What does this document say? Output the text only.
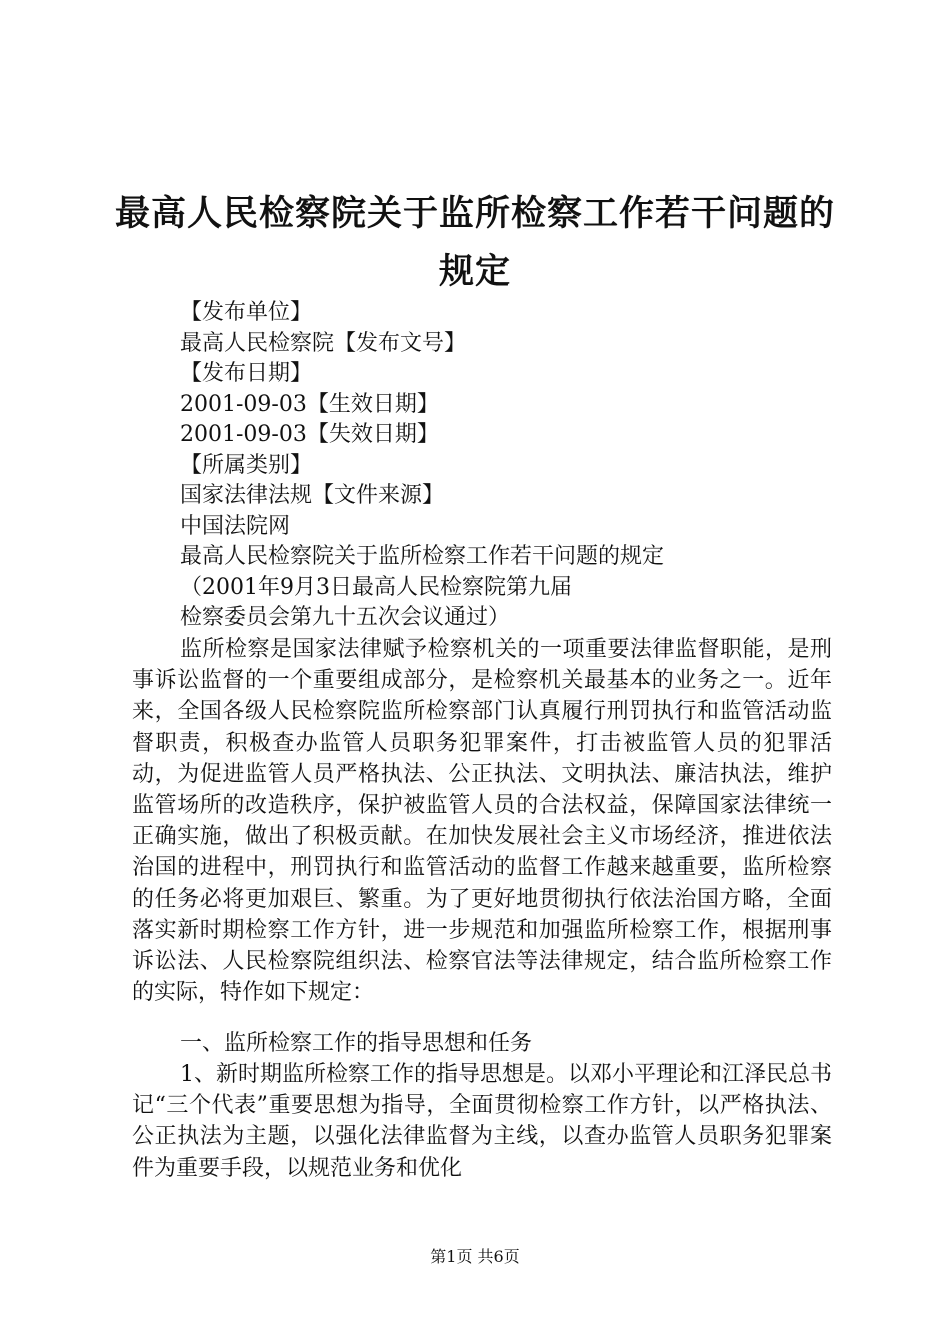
最高人民检察院关于监所检察工作若干问题的
规定
【发布单位】
最高人民检察院【发布文号】
【发布日期】
2001-09-03【生效日期】
2001-09-03【失效日期】
【所属类别】
国家法律法规【文件来源】
中国法院网
最高人民检察院关于监所检察工作若干问题的规定
（2001年9月3日最高人民检察院第九届
检察委员会第九十五次会议通过）
监所检察是国家法律赋予检察机关的一项重要法律监督职能，是刑事诉讼监督的一个重要组成部分，是检察机关最基本的业务之一。近年来，全国各级人民检察院监所检察部门认真履行刑罚执行和监管活动监督职责，积极查办监管人员职务犯罪案件，打击被监管人员的犯罪活动，为促进监管人员严格执法、公正执法、文明执法、廉洁执法，维护监管场所的改造秩序，保护被监管人员的合法权益，保障国家法律统一正确实施，做出了积极贡献。在加快发展社会主义市场经济，推进依法治国的进程中，刑罚执行和监管活动的监督工作越来越重要，监所检察的任务必将更加艰巨、繁重。为了更好地贯彻执行依法治国方略，全面落实新时期检察工作方针，进一步规范和加强监所检察工作，根据刑事诉讼法、人民检察院组织法、检察官法等法律规定，结合监所检察工作的实际，特作如下规定：
一、监所检察工作的指导思想和任务
1、新时期监所检察工作的指导思想是。以邓小平理论和江泽民总书记“三个代表”重要思想为指导，全面贯彻检察工作方针，以严格执法、公正执法为主题，以强化法律监督为主线，以查办监管人员职务犯罪案件为重要手段，以规范业务和优化
第1页 共6页
